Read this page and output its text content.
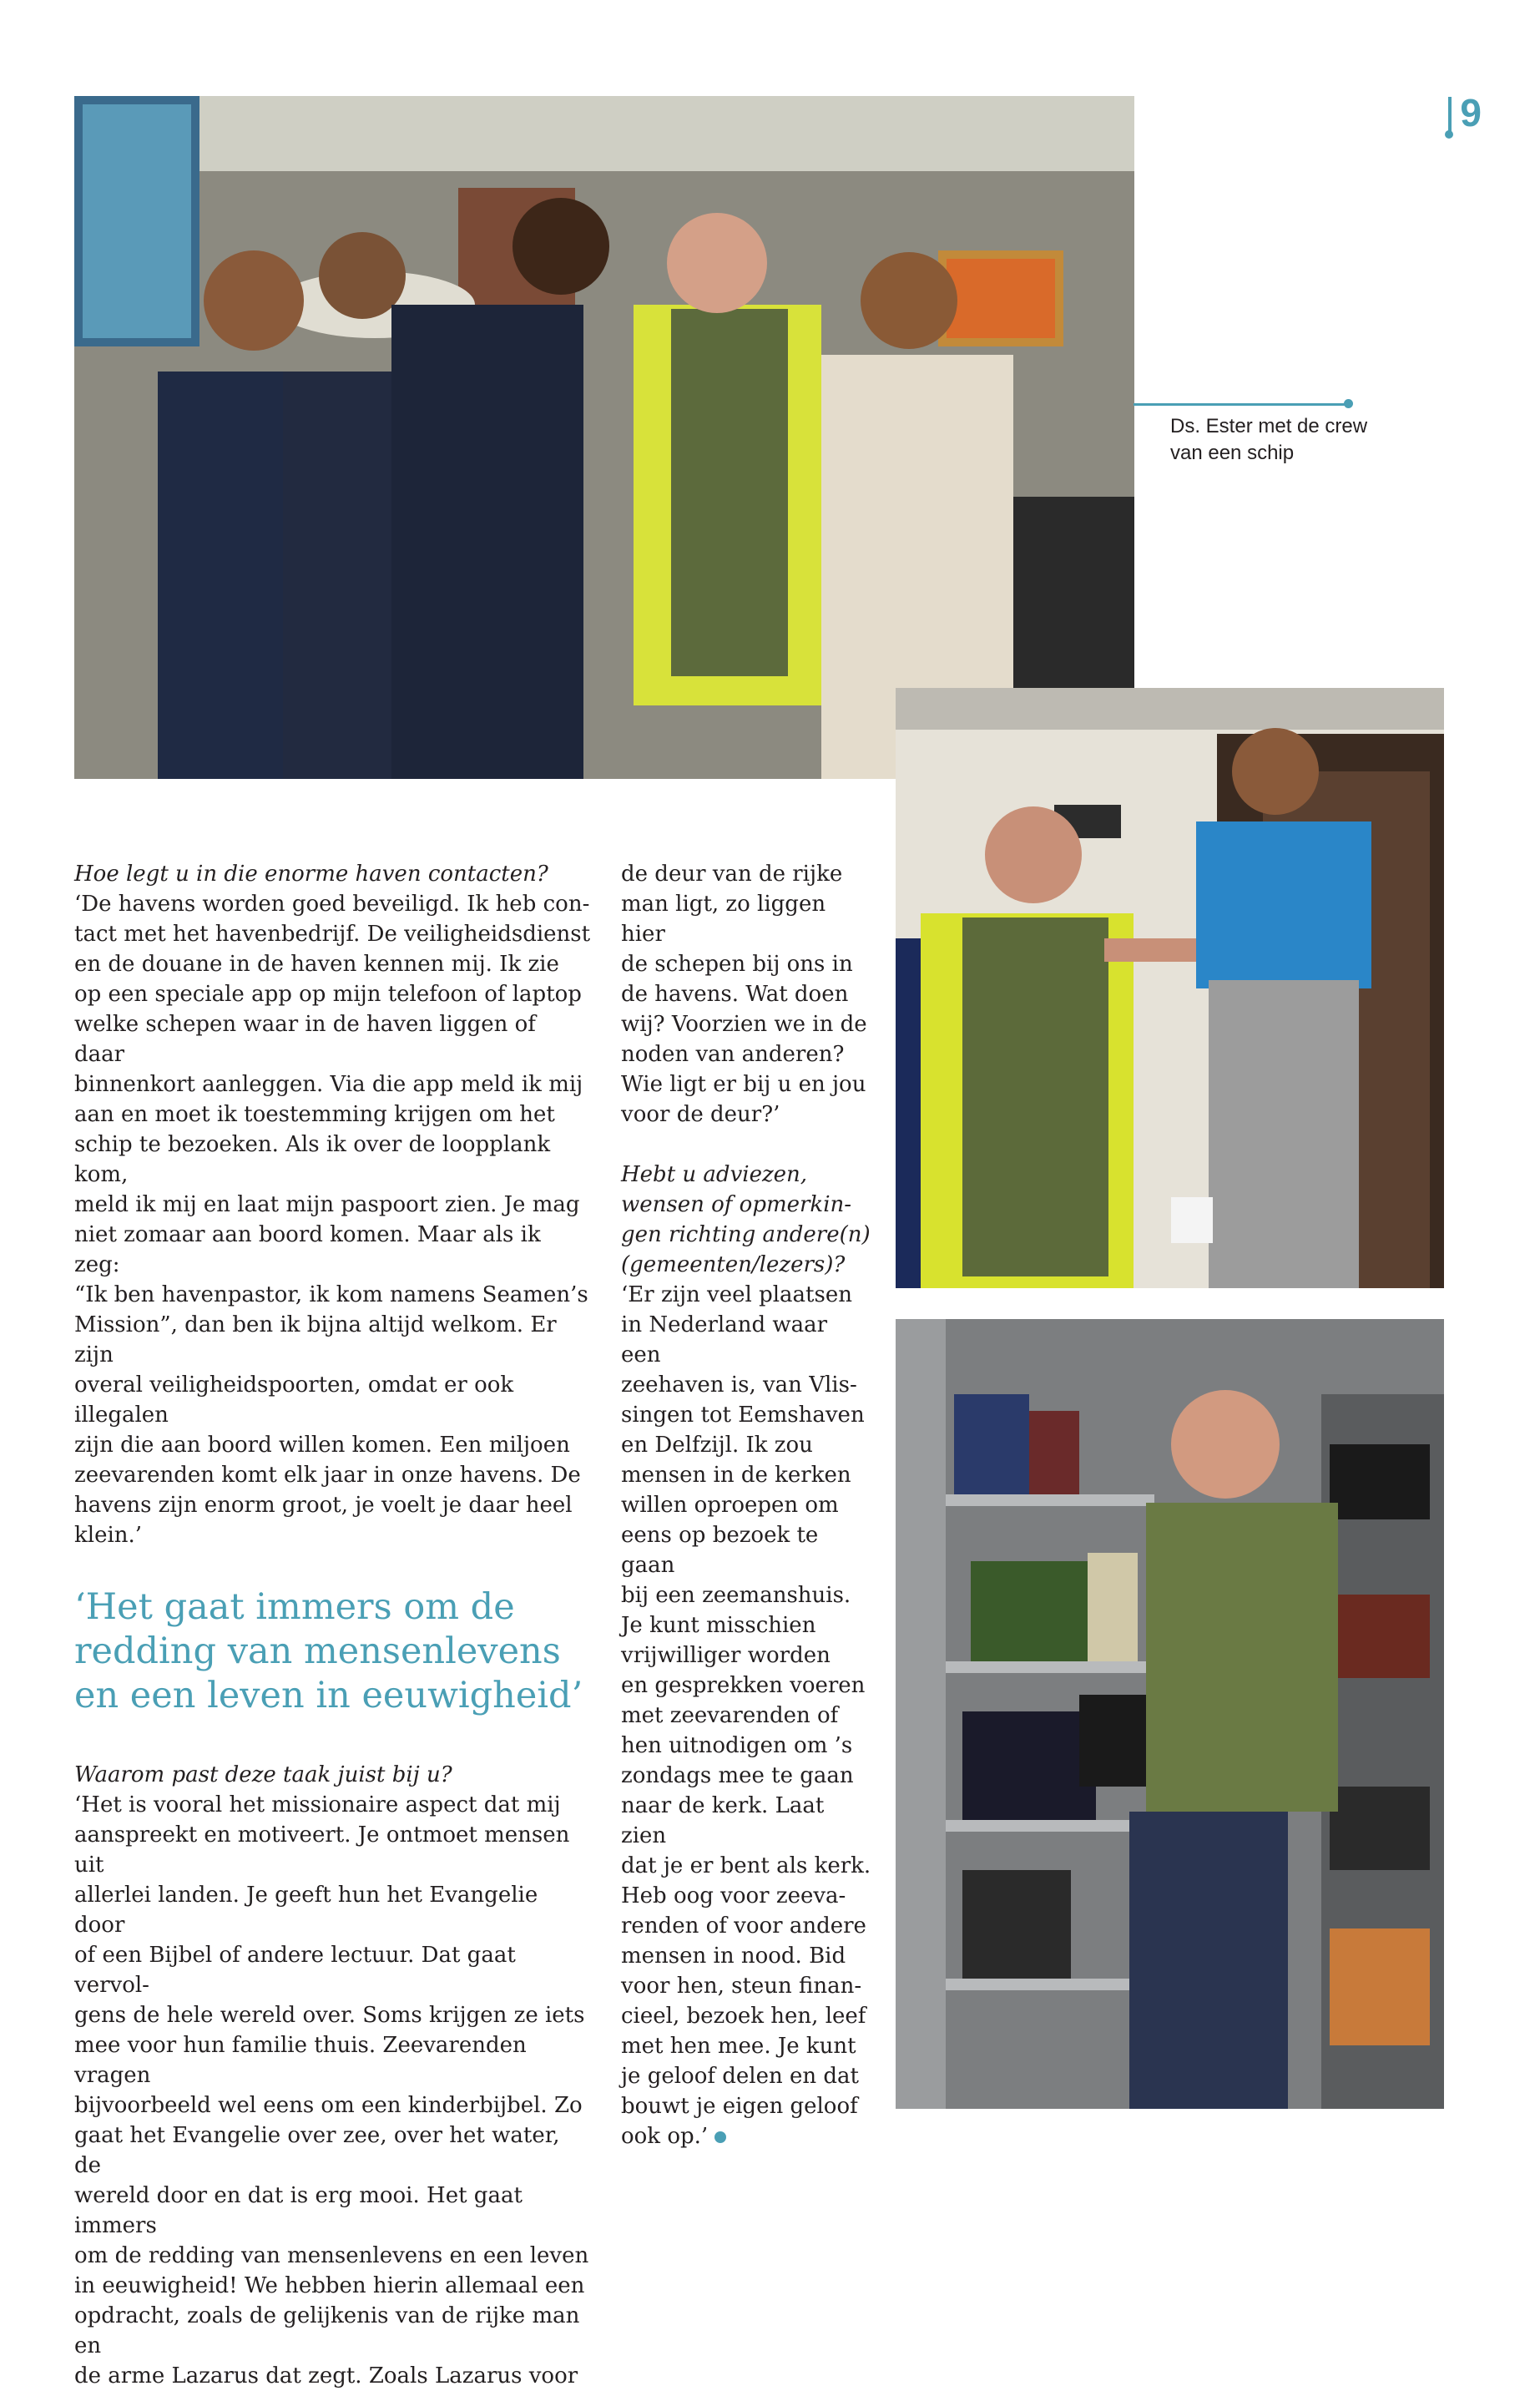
9
Ds. Ester met de crew
van een schip

Hoe legt u in die enorme haven contacten?

‘De havens worden goed beveiligd. Ik heb con-

tact met het havenbedrijf. De veiligheidsdienst

en de douane in de haven kennen mij. Ik zie

op een speciale app op mijn telefoon of laptop

welke schepen waar in de haven liggen of daar

binnenkort aanleggen. Via die app meld ik mij

aan en moet ik toestemming krijgen om het

schip te bezoeken. Als ik over de loopplank kom,

meld ik mij en laat mijn paspoort zien. Je mag

niet zomaar aan boord komen. Maar als ik zeg:

“Ik ben havenpastor, ik kom namens Seamen’s

Mission”, dan ben ik bijna altijd welkom. Er zijn

overal veiligheidspoorten, omdat er ook illegalen

zijn die aan boord willen komen. Een miljoen

zeevarenden komt elk jaar in onze havens. De

havens zijn enorm groot, je voelt je daar heel

klein.’

‘Het gaat immers om de

redding van mensenlevens

en een leven in eeuwigheid’

Waarom past deze taak juist bij u?

‘Het is vooral het missionaire aspect dat mij

aanspreekt en motiveert. Je ontmoet mensen uit

allerlei landen. Je geeft hun het Evangelie door

of een Bijbel of andere lectuur. Dat gaat vervol-

gens de hele wereld over. Soms krijgen ze iets

mee voor hun familie thuis. Zeevarenden vragen

bijvoorbeeld wel eens om een kinderbijbel. Zo

gaat het Evangelie over zee, over het water, de

wereld door en dat is erg mooi. Het gaat immers

om de redding van mensenlevens en een leven

in eeuwigheid! We hebben hierin allemaal een

opdracht, zoals de gelijkenis van de rijke man en

de arme Lazarus dat zegt. Zoals Lazarus voor

de deur van de rijke

man ligt, zo liggen hier

de schepen bij ons in

de havens. Wat doen

wij? Voorzien we in de

noden van anderen?

Wie ligt er bij u en jou

voor de deur?’

Hebt u adviezen,

wensen of opmerkin-

gen richting andere(n)

(gemeenten/lezers)?

‘Er zijn veel plaatsen

in Nederland waar een

zeehaven is, van Vlis-

singen tot Eemshaven

en Delfzijl. Ik zou

mensen in de kerken

willen oproepen om

eens op bezoek te gaan

bij een zeemanshuis.

Je kunt misschien

vrijwilliger worden

en gesprekken voeren

met zeevarenden of

hen uitnodigen om ’s

zondags mee te gaan

naar de kerk. Laat zien

dat je er bent als kerk.

Heb oog voor zeeva-

renden of voor andere

mensen in nood. Bid

voor hen, steun finan-

cieel, bezoek hen, leef

met hen mee. Je kunt

je geloof delen en dat

bouwt je eigen geloof

ook op.’
